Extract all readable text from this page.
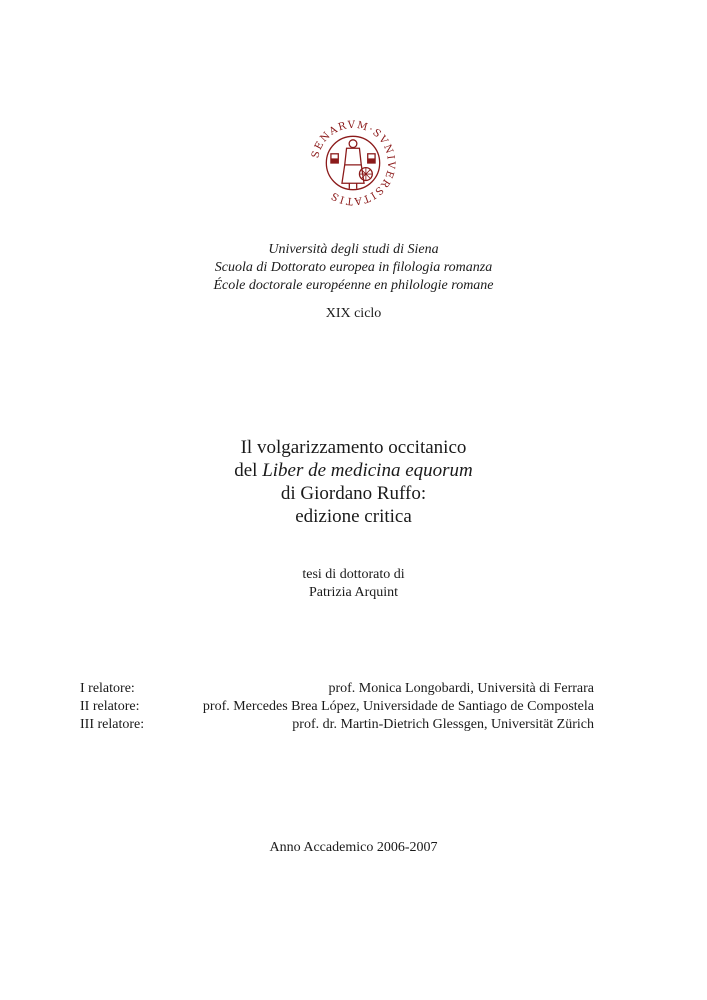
SENARVM·SVNIVERSITATIS
Università degli studi di Siena
Scuola di Dottorato europea in filologia romanza
École doctorale européenne en philologie romane
XIX ciclo
Il volgarizzamento occitanico
del Liber de medicina equorum
di Giordano Ruffo:
edizione critica
tesi di dottorato di
Patrizia Arquint
I relatore:	prof. Monica Longobardi, Università di Ferrara
II relatore:	prof. Mercedes Brea López, Universidade de Santiago de Compostela
III relatore:	prof. dr. Martin-Dietrich Glessgen, Universität Zürich
Anno Accademico 2006-2007
